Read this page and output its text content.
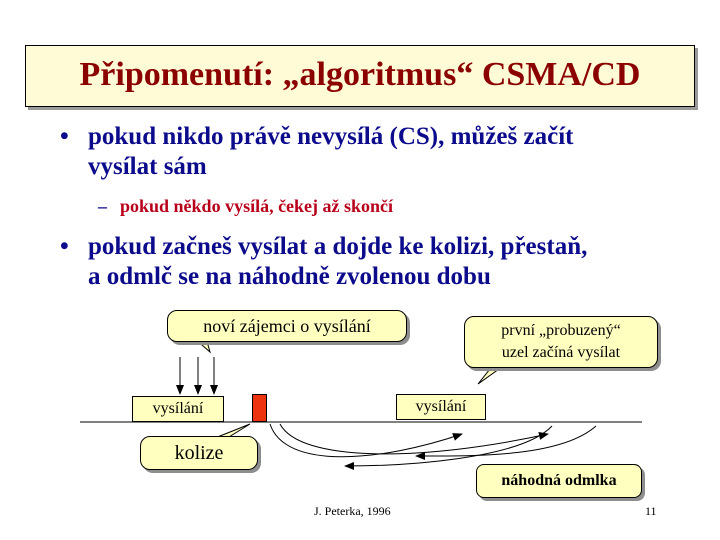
Připomenutí: „algoritmus“ CSMA/CD
• pokud nikdo právě nevysílá (CS), můžeš začít
vysílat sám
– pokud někdo vysílá, čekej až skončí
• pokud začneš vysílat a dojde ke kolizi, přestaň,
a odmlč se na náhodně zvolenou dobu
noví zájemci o vysílání	první „probuzený“
uzel začíná vysílat
vysílání	vysílání
kolize
náhodná odmlka
J. Peterka, 1996	11
